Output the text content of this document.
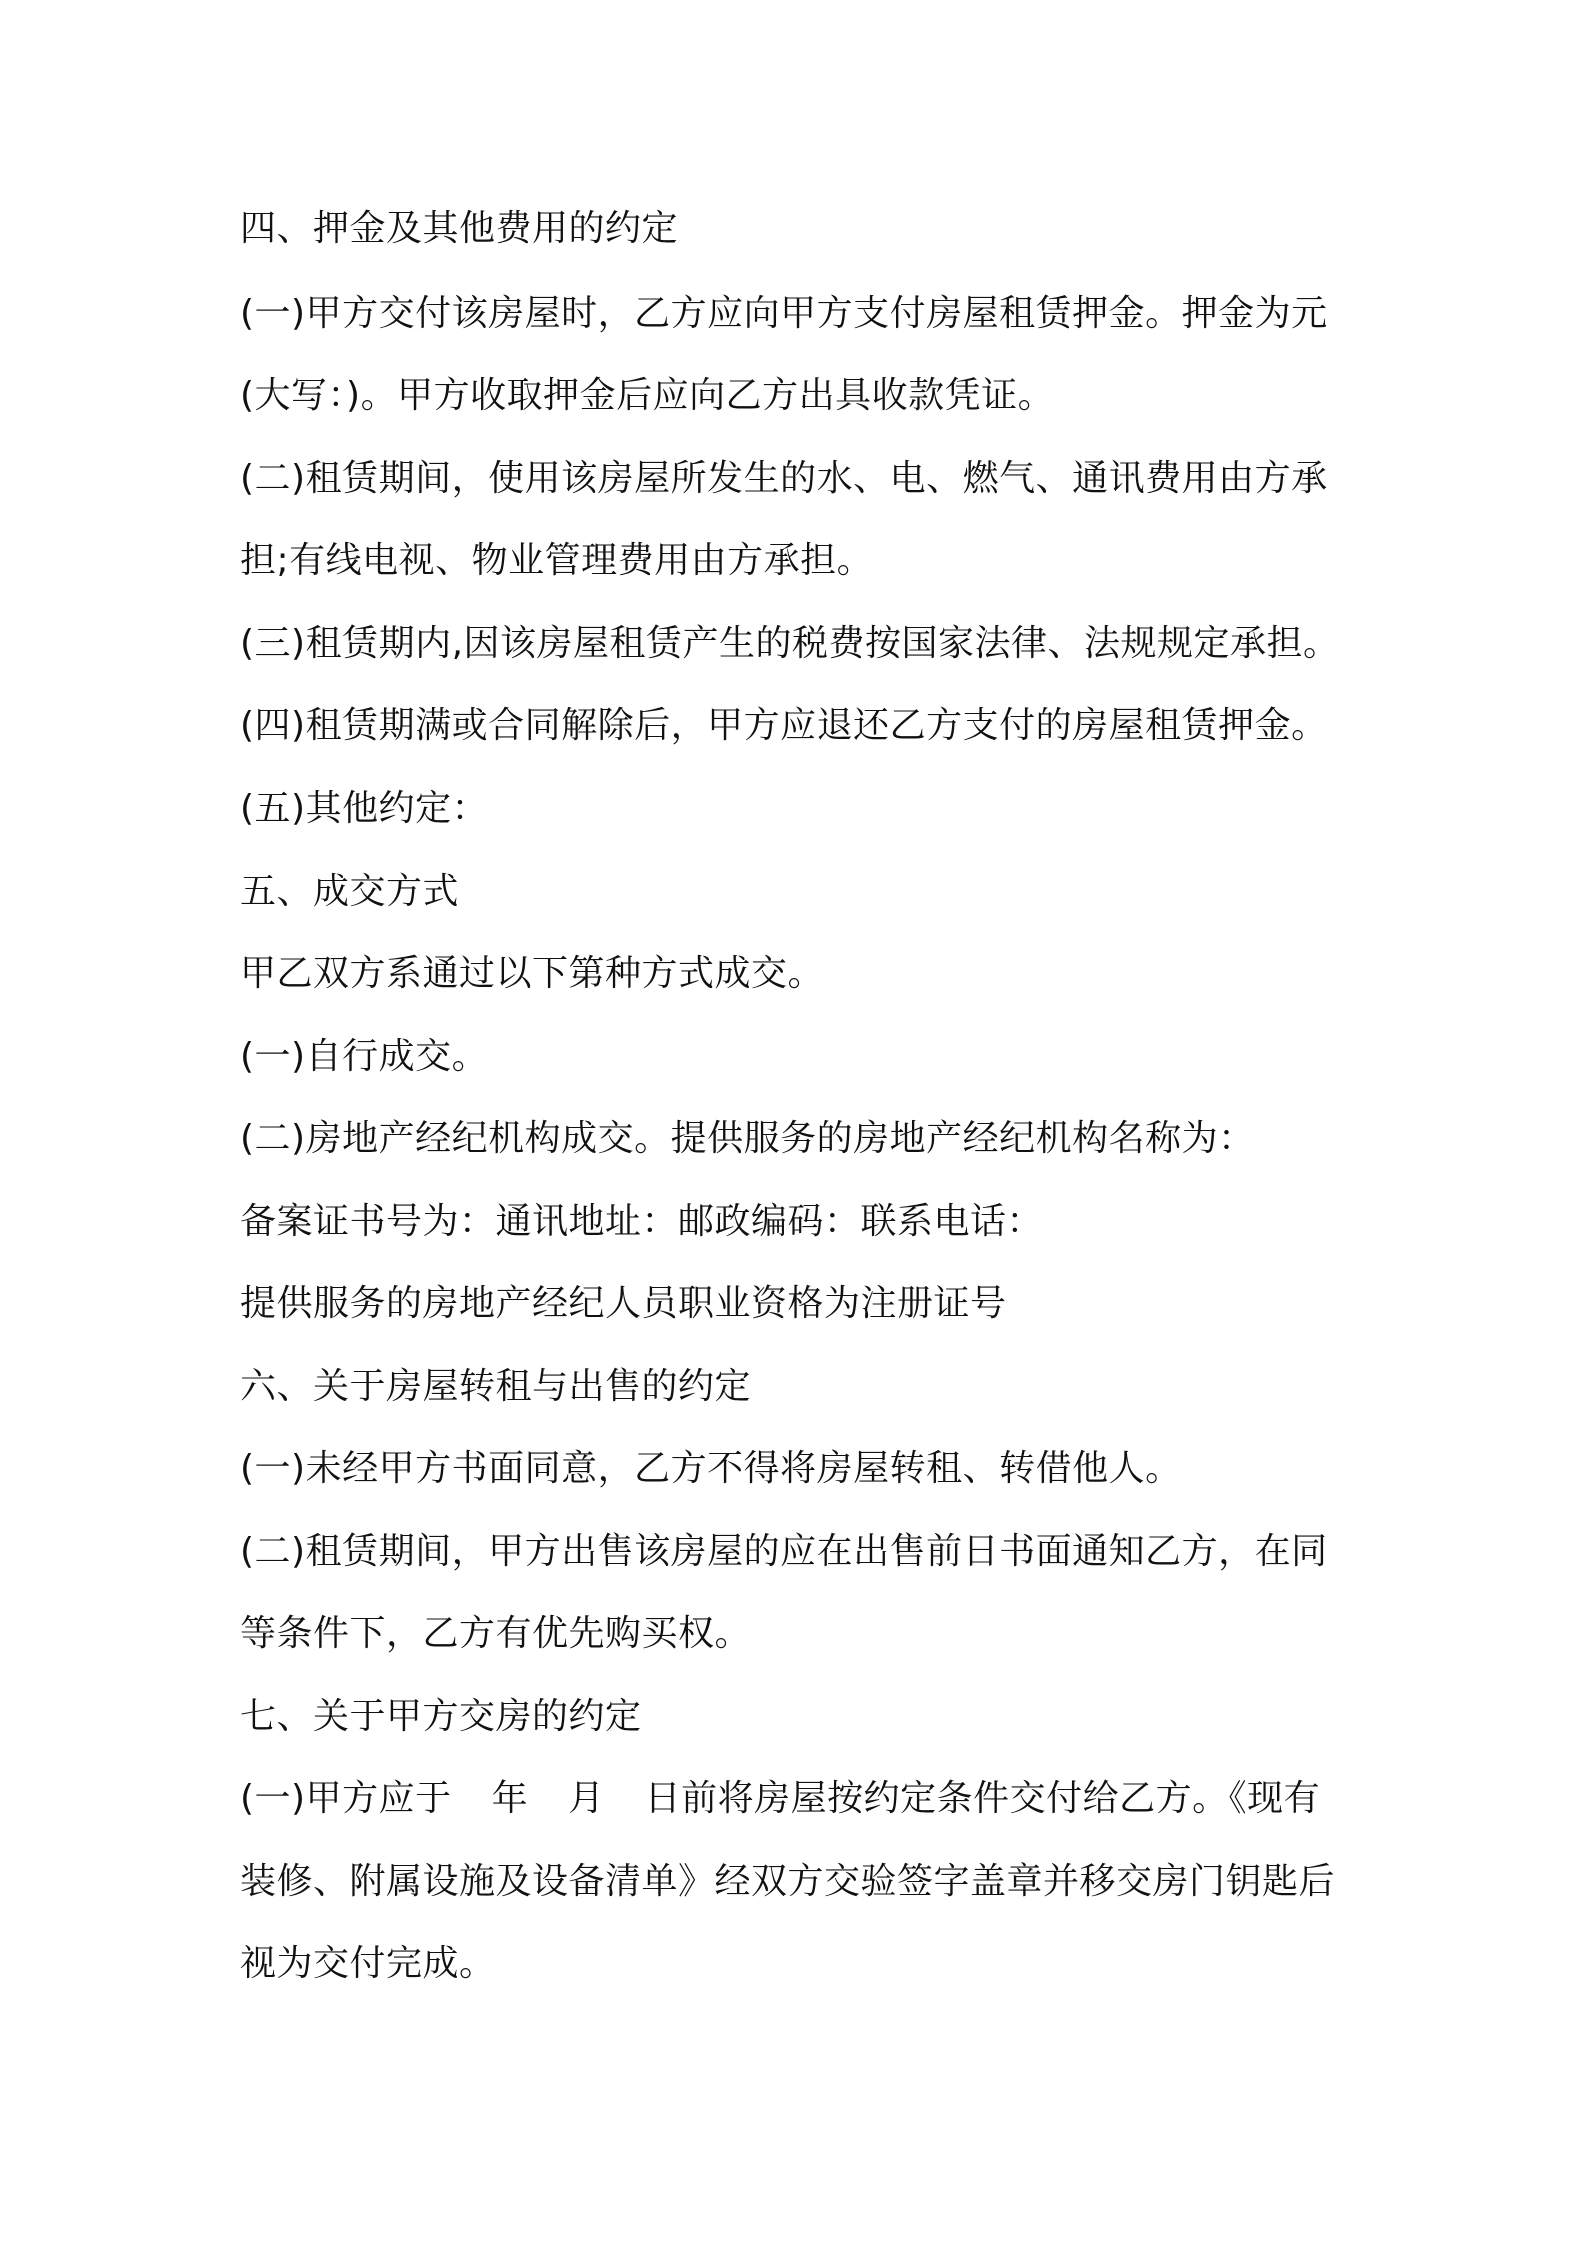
四、押金及其他费用的约定
(一)甲方交付该房屋时，乙方应向甲方支付房屋租赁押金。押金为元
(大写：)。甲方收取押金后应向乙方出具收款凭证。
(二)租赁期间，使用该房屋所发生的水、电、燃气、通讯费用由方承
担;有线电视、物业管理费用由方承担。
(三)租赁期内,因该房屋租赁产生的税费按国家法律、法规规定承担。
(四)租赁期满或合同解除后，甲方应退还乙方支付的房屋租赁押金。
(五)其他约定：
五、成交方式
甲乙双方系通过以下第种方式成交。
(一)自行成交。
(二)房地产经纪机构成交。提供服务的房地产经纪机构名称为：
备案证书号为：通讯地址：邮政编码：联系电话：
提供服务的房地产经纪人员职业资格为注册证号
六、关于房屋转租与出售的约定
(一)未经甲方书面同意，乙方不得将房屋转租、转借他人。
(二)租赁期间，甲方出售该房屋的应在出售前日书面通知乙方，在同
等条件下，乙方有优先购买权。
七、关于甲方交房的约定
(一)甲方应于 年 月 日前将房屋按约定条件交付给乙方。《现有
装修、附属设施及设备清单》经双方交验签字盖章并移交房门钥匙后
视为交付完成。
